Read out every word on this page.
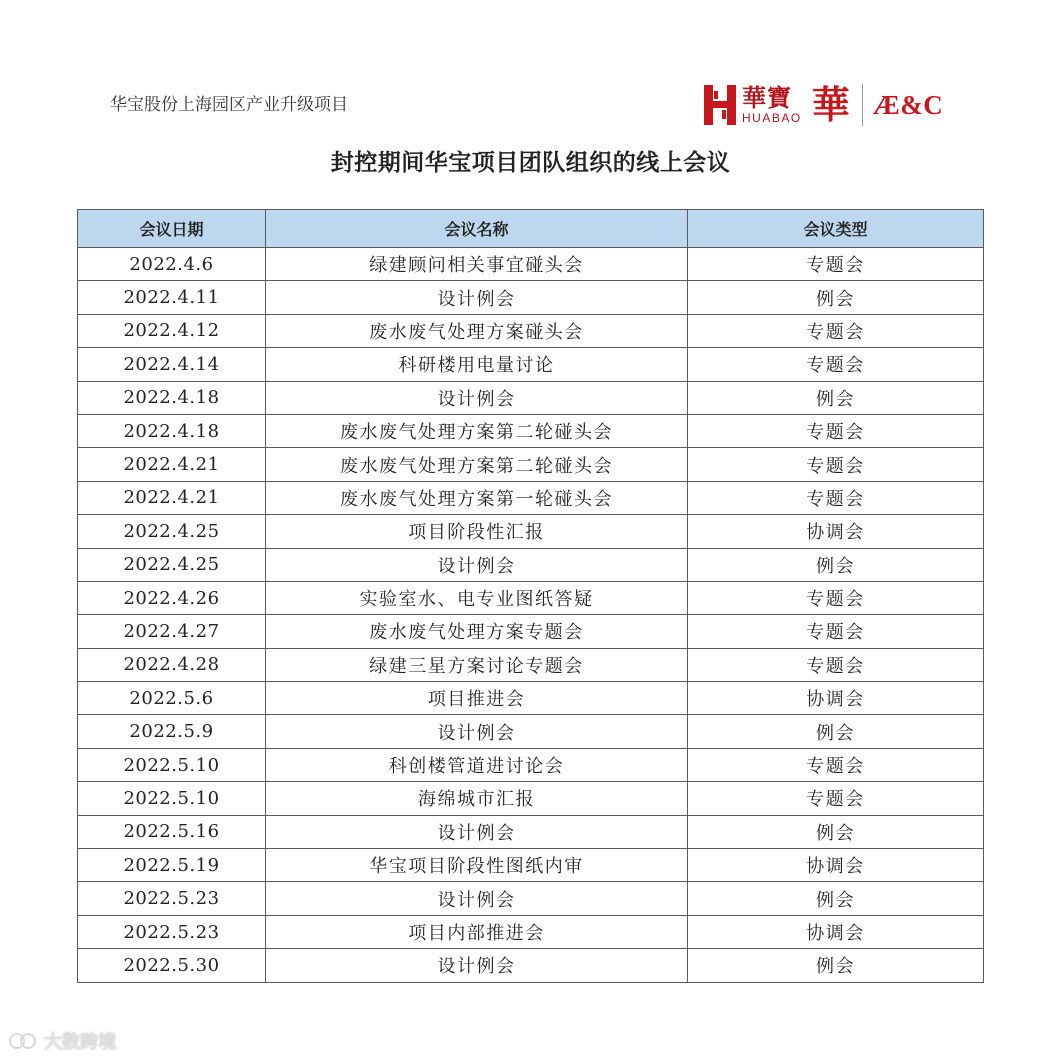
华宝股份上海园区产业升级项目	華寶
HUABAO 華 Æ&C
封控期间华宝项目团队组织的线上会议
会议日期	会议名称	会议类型
2022.4.6	绿建顾问相关事宜碰头会	专题会
2022.4.11	设计例会	例会
2022.4.12	废水废气处理方案碰头会	专题会
2022.4.14	科研楼用电量讨论	专题会
2022.4.18	设计例会	例会
2022.4.18	废水废气处理方案第二轮碰头会	专题会
2022.4.21	废水废气处理方案第二轮碰头会	专题会
2022.4.21	废水废气处理方案第一轮碰头会	专题会
2022.4.25	项目阶段性汇报	协调会
2022.4.25	设计例会	例会
2022.4.26	实验室水、电专业图纸答疑	专题会
2022.4.27	废水废气处理方案专题会	专题会
2022.4.28	绿建三星方案讨论专题会	专题会
2022.5.6	项目推进会	协调会
2022.5.9	设计例会	例会
2022.5.10	科创楼管道进讨论会	专题会
2022.5.10	海绵城市汇报	专题会
2022.5.16	设计例会	例会
2022.5.19	华宝项目阶段性图纸内审	协调会
2022.5.23	设计例会	例会
2022.5.23	项目内部推进会	协调会
2022.5.30	设计例会	例会
大数跨境
